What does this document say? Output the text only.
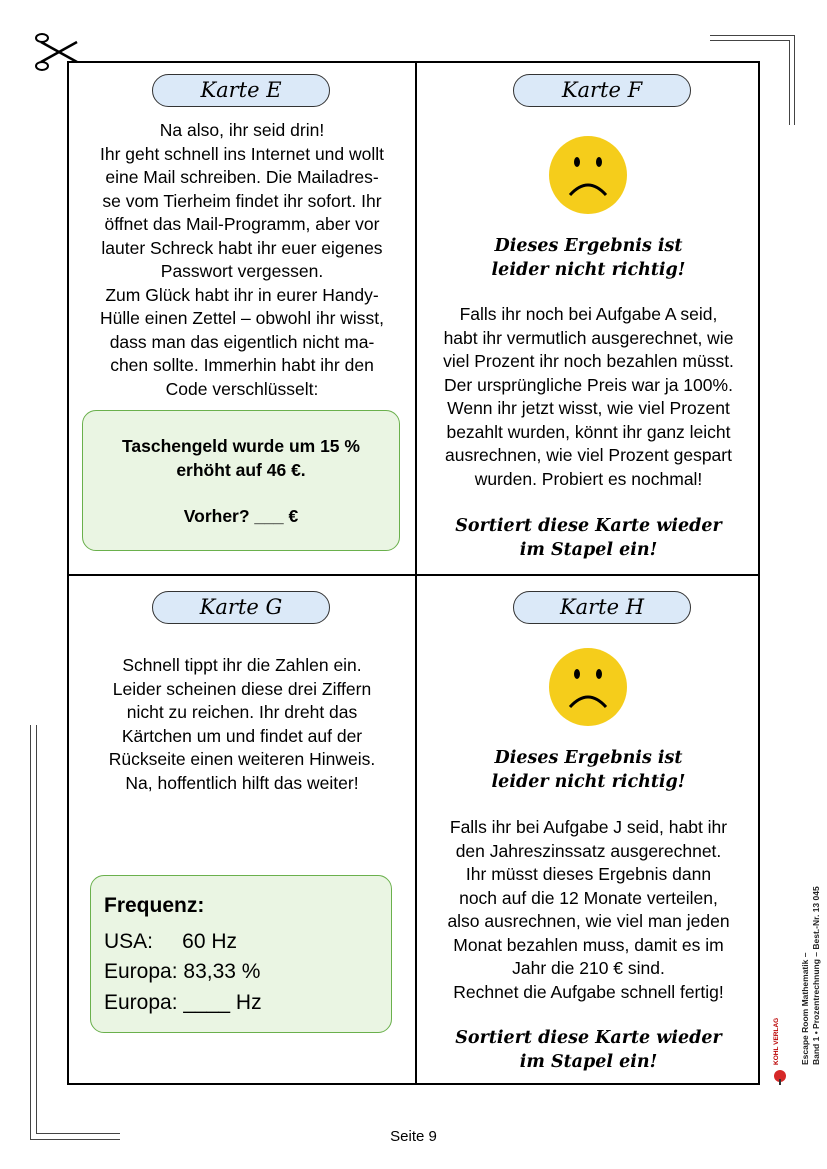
Karte E
Na also, ihr seid drin!
Ihr geht schnell ins Internet und wollt
eine Mail schreiben. Die Mailadres-
se vom Tierheim findet ihr sofort. Ihr
öffnet das Mail-Programm, aber vor
lauter Schreck habt ihr euer eigenes
Passwort vergessen.
Zum Glück habt ihr in eurer Handy-
Hülle einen Zettel – obwohl ihr wisst,
dass man das eigentlich nicht ma-
chen sollte. Immerhin habt ihr den
Code verschlüsselt:
Taschengeld wurde um 15 %
erhöht auf 46 €.
Vorher? ___ €
Karte F
Dieses Ergebnis ist
leider nicht richtig!
Falls ihr noch bei Aufgabe A seid,
habt ihr vermutlich ausgerechnet, wie
viel Prozent ihr noch bezahlen müsst.
Der ursprüngliche Preis war ja 100%.
Wenn ihr jetzt wisst, wie viel Prozent
bezahlt wurden, könnt ihr ganz leicht
ausrechnen, wie viel Prozent gespart
wurden. Probiert es nochmal!
Sortiert diese Karte wieder
im Stapel ein!
Karte G
Schnell tippt ihr die Zahlen ein.
Leider scheinen diese drei Ziffern
nicht zu reichen. Ihr dreht das
Kärtchen um und findet auf der
Rückseite einen weiteren Hinweis.
Na, hoffentlich hilft das weiter!
Frequenz:
USA:     60 Hz
Europa: 83,33 %
Europa: ____ Hz
Karte H
Dieses Ergebnis ist
leider nicht richtig!
Falls ihr bei Aufgabe J seid, habt ihr
den Jahreszinssatz ausgerechnet.
Ihr müsst dieses Ergebnis dann
noch auf die 12 Monate verteilen,
also ausrechnen, wie viel man jeden
Monat bezahlen muss, damit es im
Jahr die 210 € sind.
Rechnet die Aufgabe schnell fertig!
Sortiert diese Karte wieder
im Stapel ein!	Escape Room Mathematik – Band 1 • Prozentrechnung – Best.-Nr. 13 045
KOHL VERLAG
Seite 9
